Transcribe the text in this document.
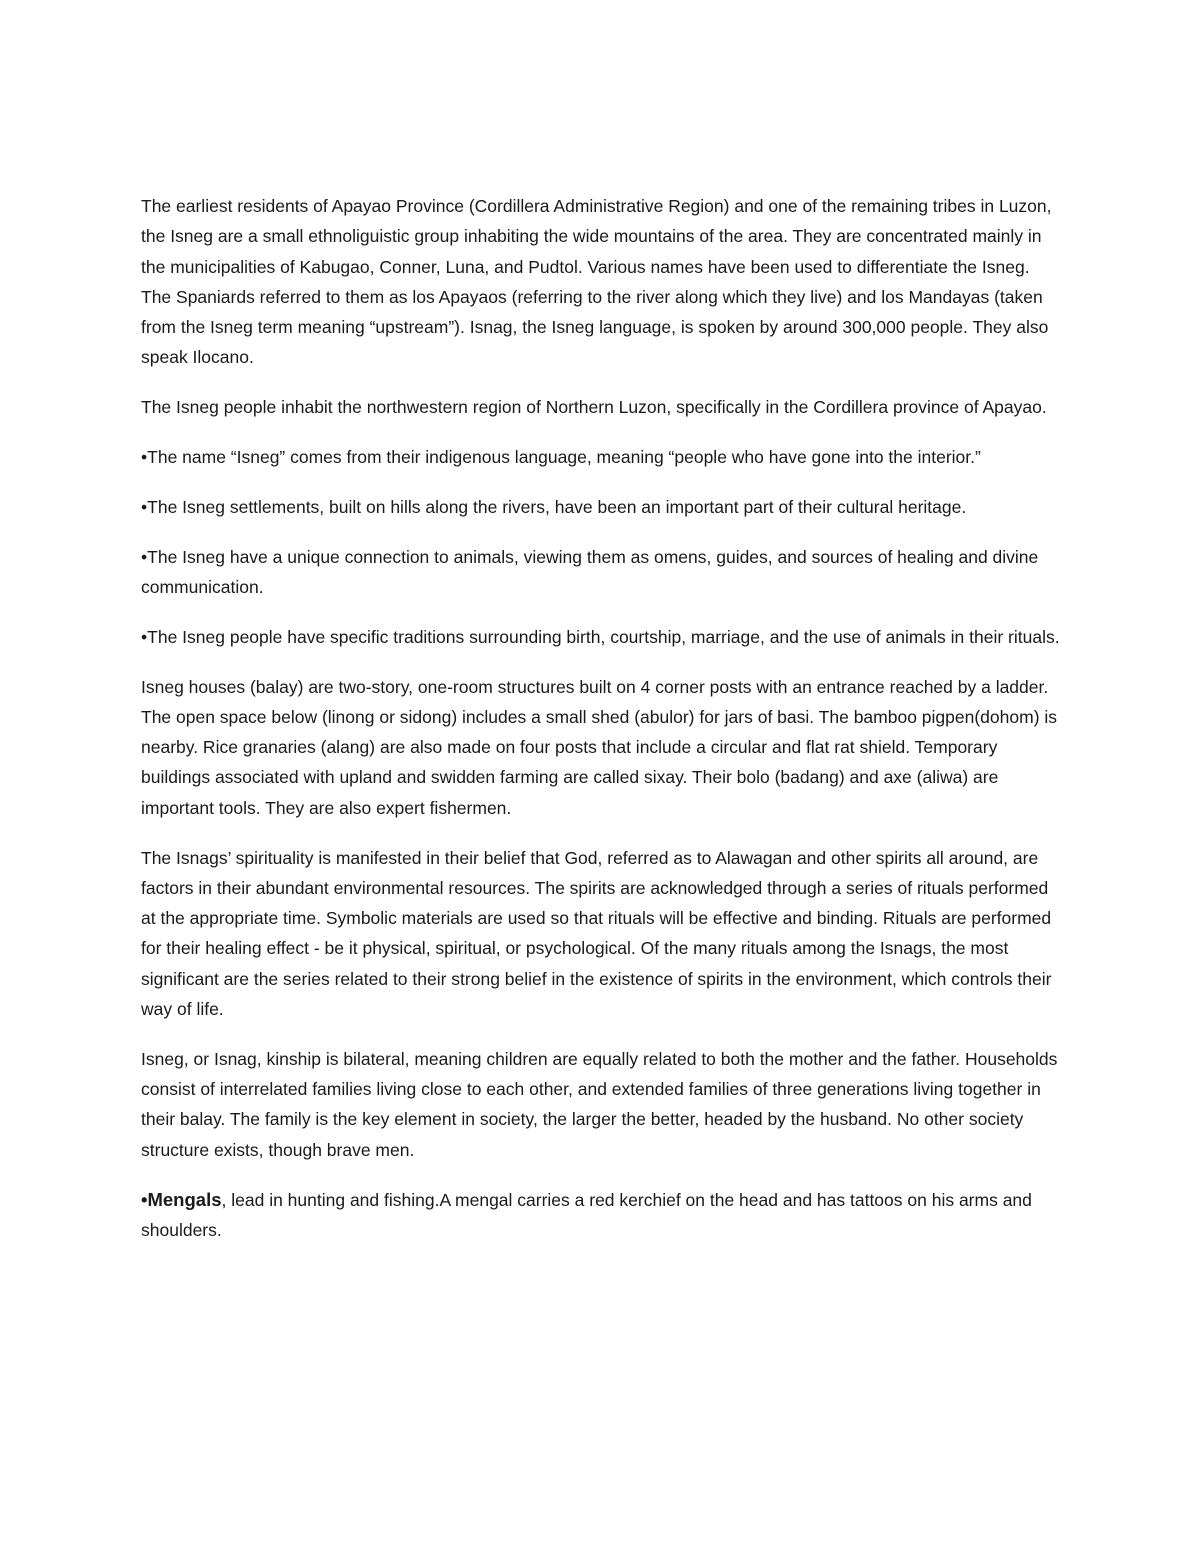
The earliest residents of Apayao Province (Cordillera Administrative Region) and one of the remaining tribes in Luzon, the Isneg are a small ethnoliguistic group inhabiting the wide mountains of the area. They are concentrated mainly in the municipalities of Kabugao, Conner, Luna, and Pudtol. Various names have been used to differentiate the Isneg. The Spaniards referred to them as los Apayaos (referring to the river along which they live) and los Mandayas (taken from the Isneg term meaning “upstream”). Isnag, the Isneg language, is spoken by around 300,000 people. They also speak Ilocano.

The Isneg people inhabit the northwestern region of Northern Luzon, specifically in the Cordillera province of Apayao.

•The name “Isneg” comes from their indigenous language, meaning “people who have gone into the interior.”

•The Isneg settlements, built on hills along the rivers, have been an important part of their cultural heritage.

•The Isneg have a unique connection to animals, viewing them as omens, guides, and sources of healing and divine communication.

•The Isneg people have specific traditions surrounding birth, courtship, marriage, and the use of animals in their rituals.

Isneg houses (balay) are two-story, one-room structures built on 4 corner posts with an entrance reached by a ladder. The open space below (linong or sidong) includes a small shed (abulor) for jars of basi. The bamboo pigpen(dohom) is nearby. Rice granaries (alang) are also made on four posts that include a circular and flat rat shield. Temporary buildings associated with upland and swidden farming are called sixay. Their bolo (badang) and axe (aliwa) are important tools. They are also expert fishermen.

The Isnags’ spirituality is manifested in their belief that God, referred as to Alawagan and other spirits all around, are factors in their abundant environmental resources. The spirits are acknowledged through a series of rituals performed at the appropriate time. Symbolic materials are used so that rituals will be effective and binding. Rituals are performed for their healing effect - be it physical, spiritual, or psychological. Of the many rituals among the Isnags, the most significant are the series related to their strong belief in the existence of spirits in the environment, which controls their way of life.

Isneg, or Isnag, kinship is bilateral, meaning children are equally related to both the mother and the father. Households consist of interrelated families living close to each other, and extended families of three generations living together in their balay. The family is the key element in society, the larger the better, headed by the husband. No other society structure exists, though brave men.

•Mengals, lead in hunting and fishing.A mengal carries a red kerchief on the head and has tattoos on his arms and shoulders.
